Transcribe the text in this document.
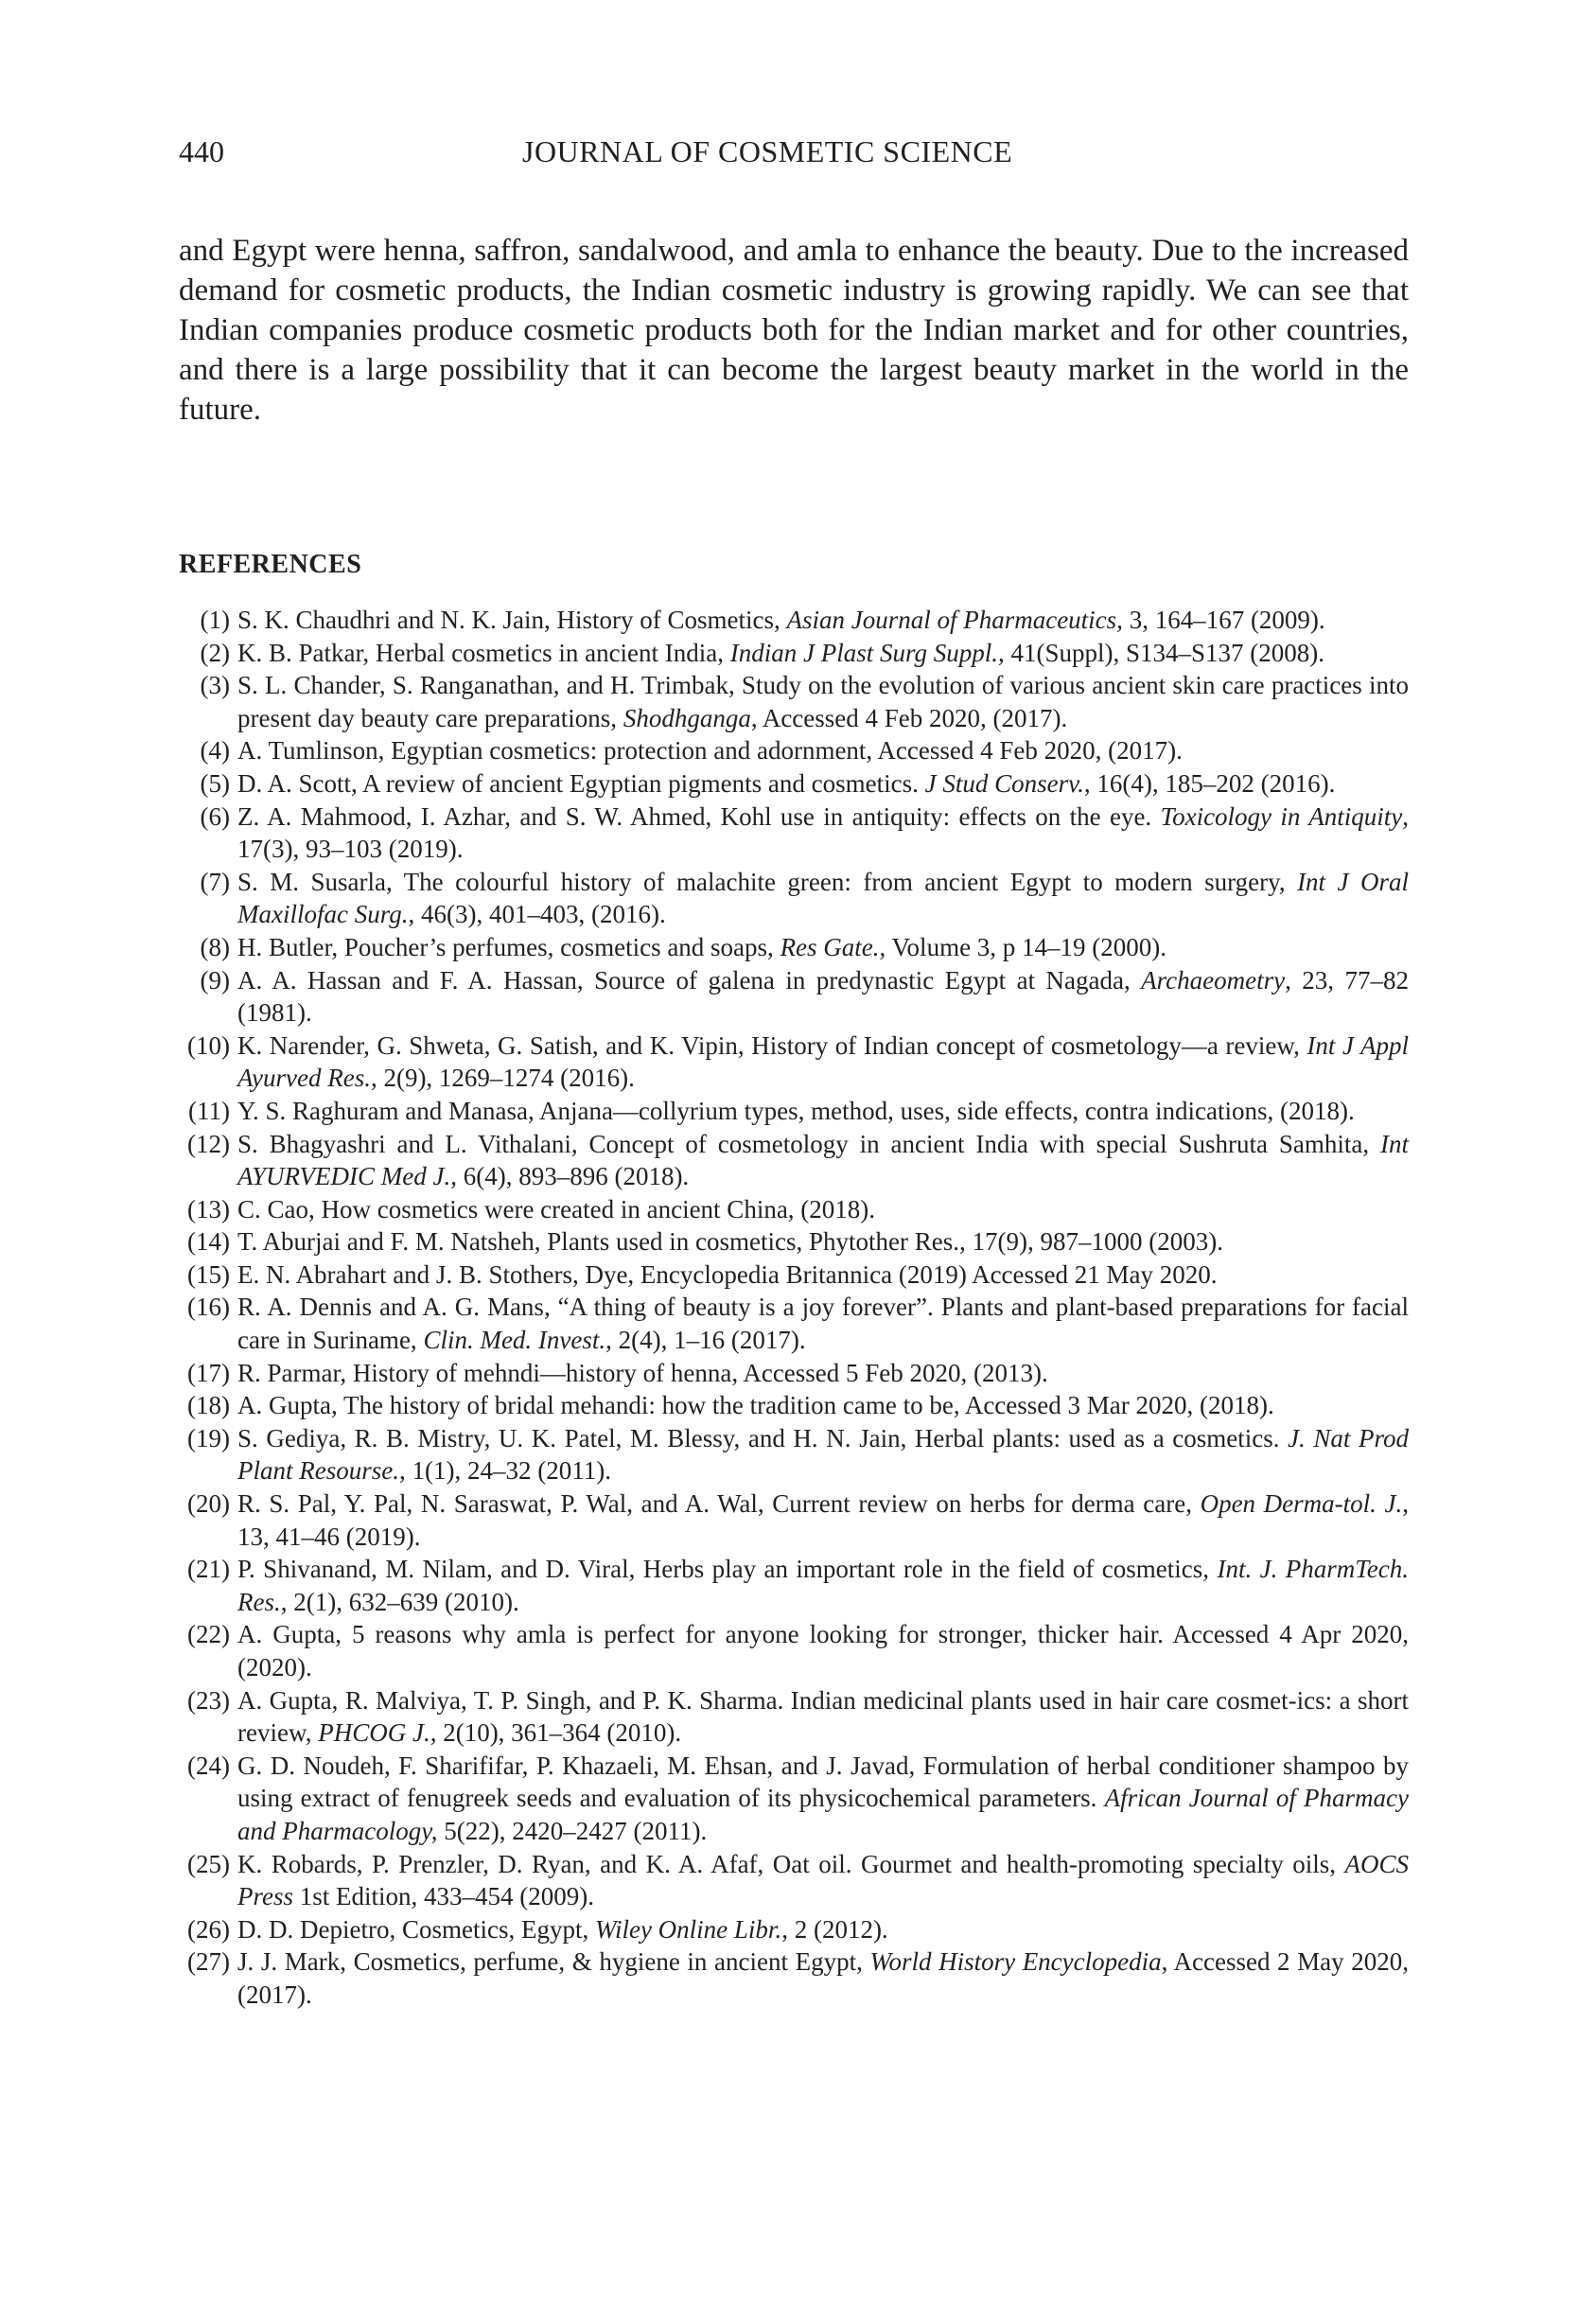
440	JOURNAL OF COSMETIC SCIENCE

and Egypt were henna, saffron, sandalwood, and amla to enhance the beauty. Due to the increased demand for cosmetic products, the Indian cosmetic industry is growing rapidly. We can see that Indian companies produce cosmetic products both for the Indian market and for other countries, and there is a large possibility that it can become the largest beauty market in the world in the future.

REFERENCES
(1) S. K. Chaudhri and N. K. Jain, History of Cosmetics, Asian Journal of Pharmaceutics, 3, 164–167 (2009).
(2) K. B. Patkar, Herbal cosmetics in ancient India, Indian J Plast Surg Suppl., 41(Suppl), S134–S137 (2008).
(3) S. L. Chander, S. Ranganathan, and H. Trimbak, Study on the evolution of various ancient skin care practices into present day beauty care preparations, Shodhganga, Accessed 4 Feb 2020, (2017).
(4) A. Tumlinson, Egyptian cosmetics: protection and adornment, Accessed 4 Feb 2020, (2017).
(5) D. A. Scott, A review of ancient Egyptian pigments and cosmetics. J Stud Conserv., 16(4), 185–202 (2016).
(6) Z. A. Mahmood, I. Azhar, and S. W. Ahmed, Kohl use in antiquity: effects on the eye. Toxicology in Antiquity, 17(3), 93–103 (2019).
(7) S. M. Susarla, The colourful history of malachite green: from ancient Egypt to modern surgery, Int J Oral Maxillofac Surg., 46(3), 401–403, (2016).
(8) H. Butler, Poucher’s perfumes, cosmetics and soaps, Res Gate., Volume 3, p 14–19 (2000).
(9) A. A. Hassan and F. A. Hassan, Source of galena in predynastic Egypt at Nagada, Archaeometry, 23, 77–82 (1981).
(10) K. Narender, G. Shweta, G. Satish, and K. Vipin, History of Indian concept of cosmetology—a review, Int J Appl Ayurved Res., 2(9), 1269–1274 (2016).
(11) Y. S. Raghuram and Manasa, Anjana—collyrium types, method, uses, side effects, contra indications, (2018).
(12) S. Bhagyashri and L. Vithalani, Concept of cosmetology in ancient India with special Sushruta Samhita, Int AYURVEDIC Med J., 6(4), 893–896 (2018).
(13) C. Cao, How cosmetics were created in ancient China, (2018).
(14) T. Aburjai and F. M. Natsheh, Plants used in cosmetics, Phytother Res., 17(9), 987–1000 (2003).
(15) E. N. Abrahart and J. B. Stothers, Dye, Encyclopedia Britannica (2019) Accessed 21 May 2020.
(16) R. A. Dennis and A. G. Mans, “A thing of beauty is a joy forever”. Plants and plant-based preparations for facial care in Suriname, Clin. Med. Invest., 2(4), 1–16 (2017).
(17) R. Parmar, History of mehndi—history of henna, Accessed 5 Feb 2020, (2013).
(18) A. Gupta, The history of bridal mehandi: how the tradition came to be, Accessed 3 Mar 2020, (2018).
(19) S. Gediya, R. B. Mistry, U. K. Patel, M. Blessy, and H. N. Jain, Herbal plants: used as a cosmetics. J. Nat Prod Plant Resourse., 1(1), 24–32 (2011).
(20) R. S. Pal, Y. Pal, N. Saraswat, P. Wal, and A. Wal, Current review on herbs for derma care, Open Derma-tol. J., 13, 41–46 (2019).
(21) P. Shivanand, M. Nilam, and D. Viral, Herbs play an important role in the field of cosmetics, Int. J. PharmTech. Res., 2(1), 632–639 (2010).
(22) A. Gupta, 5 reasons why amla is perfect for anyone looking for stronger, thicker hair. Accessed 4 Apr 2020, (2020).
(23) A. Gupta, R. Malviya, T. P. Singh, and P. K. Sharma. Indian medicinal plants used in hair care cosmet-ics: a short review, PHCOG J., 2(10), 361–364 (2010).
(24) G. D. Noudeh, F. Sharififar, P. Khazaeli, M. Ehsan, and J. Javad, Formulation of herbal conditioner shampoo by using extract of fenugreek seeds and evaluation of its physicochemical parameters. African Journal of Pharmacy and Pharmacology, 5(22), 2420–2427 (2011).
(25) K. Robards, P. Prenzler, D. Ryan, and K. A. Afaf, Oat oil. Gourmet and health-promoting specialty oils, AOCS Press 1st Edition, 433–454 (2009).
(26) D. D. Depietro, Cosmetics, Egypt, Wiley Online Libr., 2 (2012).
(27) J. J. Mark, Cosmetics, perfume, & hygiene in ancient Egypt, World History Encyclopedia, Accessed 2 May 2020, (2017).
